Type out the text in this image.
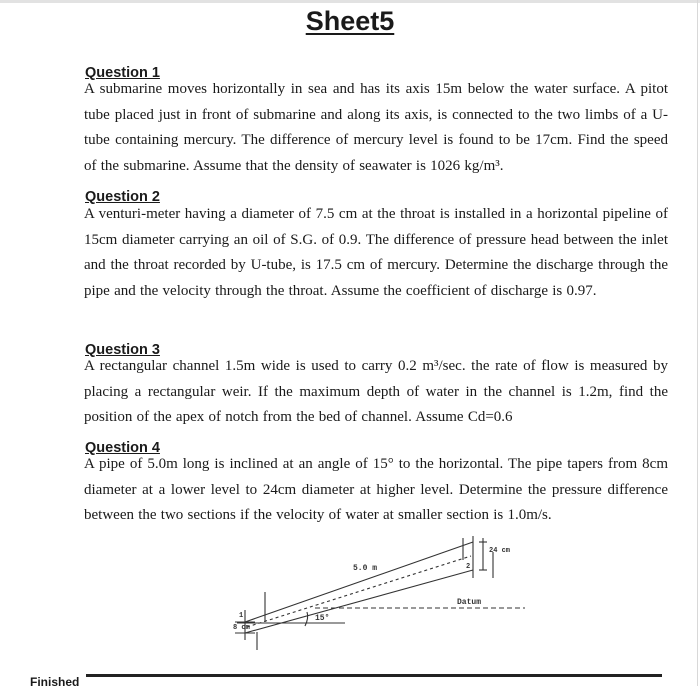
Sheet5
Question 1
A submarine moves horizontally in sea and has its axis 15m below the water surface. A pitot tube placed just in front of submarine and along its axis, is connected to the two limbs of a U-tube containing mercury. The difference of mercury level is found to be 17cm. Find the speed of the submarine. Assume that the density of seawater is 1026 kg/m³.
Question 2
A venturi-meter having a diameter of 7.5 cm at the throat is installed in a horizontal pipeline of 15cm diameter carrying an oil of S.G. of 0.9. The difference of pressure head between the inlet and the throat recorded by U-tube, is 17.5 cm of mercury. Determine the discharge through the pipe and the velocity through the throat. Assume the coefficient of discharge is 0.97.
Question 3
A rectangular channel 1.5m wide is used to carry 0.2 m³/sec. the rate of flow is measured by placing a rectangular weir. If the maximum depth of water in the channel is 1.2m, find the position of the apex of notch from the bed of channel. Assume Cd=0.6
Question 4
A pipe of 5.0m long is inclined at an angle of 15° to the horizontal. The pipe tapers from 8cm diameter at a lower level to 24cm diameter at higher level. Determine the pressure difference between the two sections if the velocity of water at smaller section is 1.0m/s.
5.0 m
15°
8 cm
24 cm
1
2
Datum
Finished
